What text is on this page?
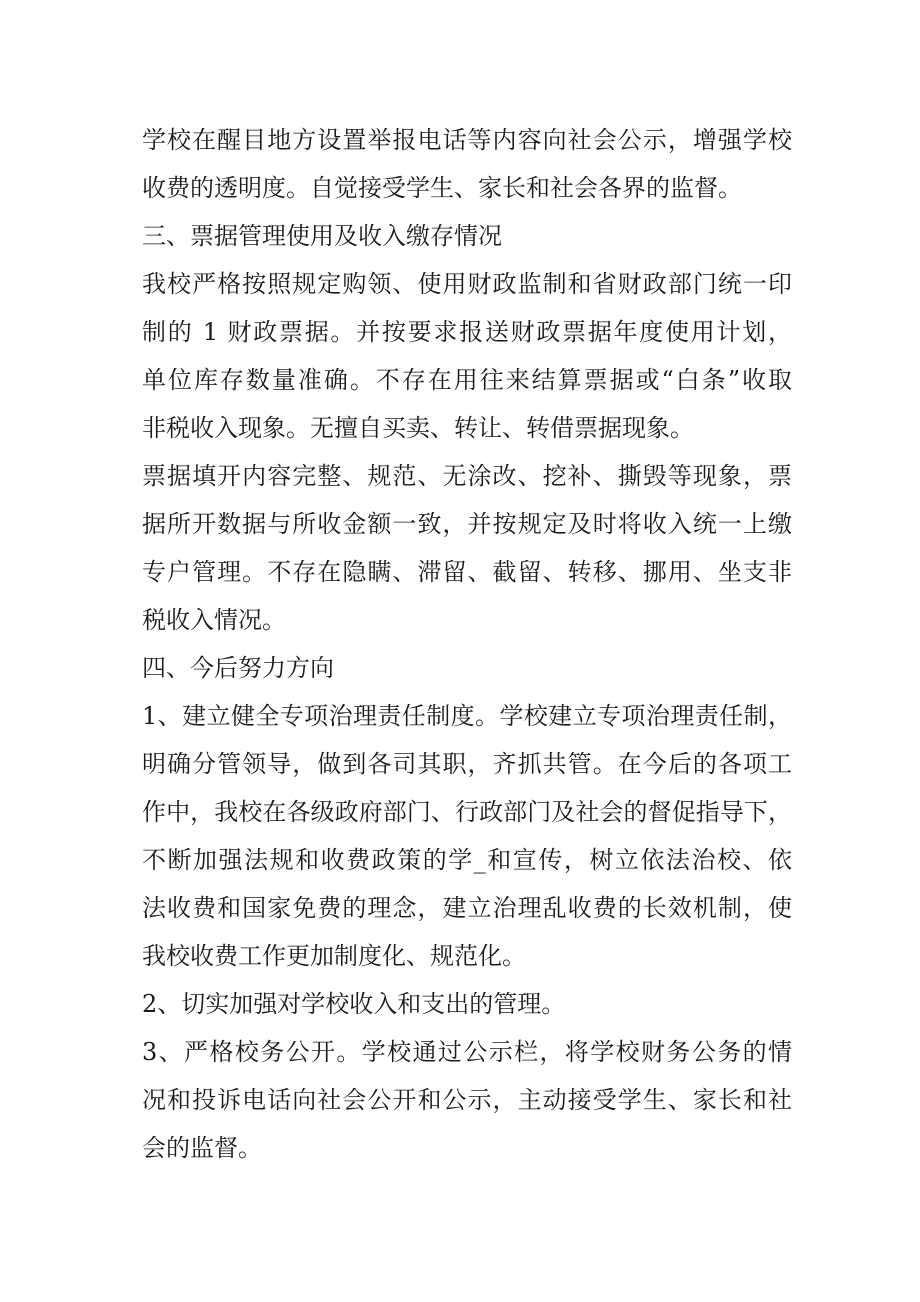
学校在醒目地方设置举报电话等内容向社会公示，增强学校
收费的透明度。自觉接受学生、家长和社会各界的监督。
三、票据管理使用及收入缴存情况
我校严格按照规定购领、使用财政监制和省财政部门统一印
制的 1 财政票据。并按要求报送财政票据年度使用计划，
单位库存数量准确。不存在用往来结算票据或“白条”收取
非税收入现象。无擅自买卖、转让、转借票据现象。
票据填开内容完整、规范、无涂改、挖补、撕毁等现象，票
据所开数据与所收金额一致，并按规定及时将收入统一上缴
专户管理。不存在隐瞒、滞留、截留、转移、挪用、坐支非
税收入情况。
四、今后努力方向
1、建立健全专项治理责任制度。学校建立专项治理责任制，
明确分管领导，做到各司其职，齐抓共管。在今后的各项工
作中，我校在各级政府部门、行政部门及社会的督促指导下，
不断加强法规和收费政策的学_和宣传，树立依法治校、依
法收费和国家免费的理念，建立治理乱收费的长效机制，使
我校收费工作更加制度化、规范化。
2、切实加强对学校收入和支出的管理。
3、严格校务公开。学校通过公示栏，将学校财务公务的情
况和投诉电话向社会公开和公示，主动接受学生、家长和社
会的监督。
